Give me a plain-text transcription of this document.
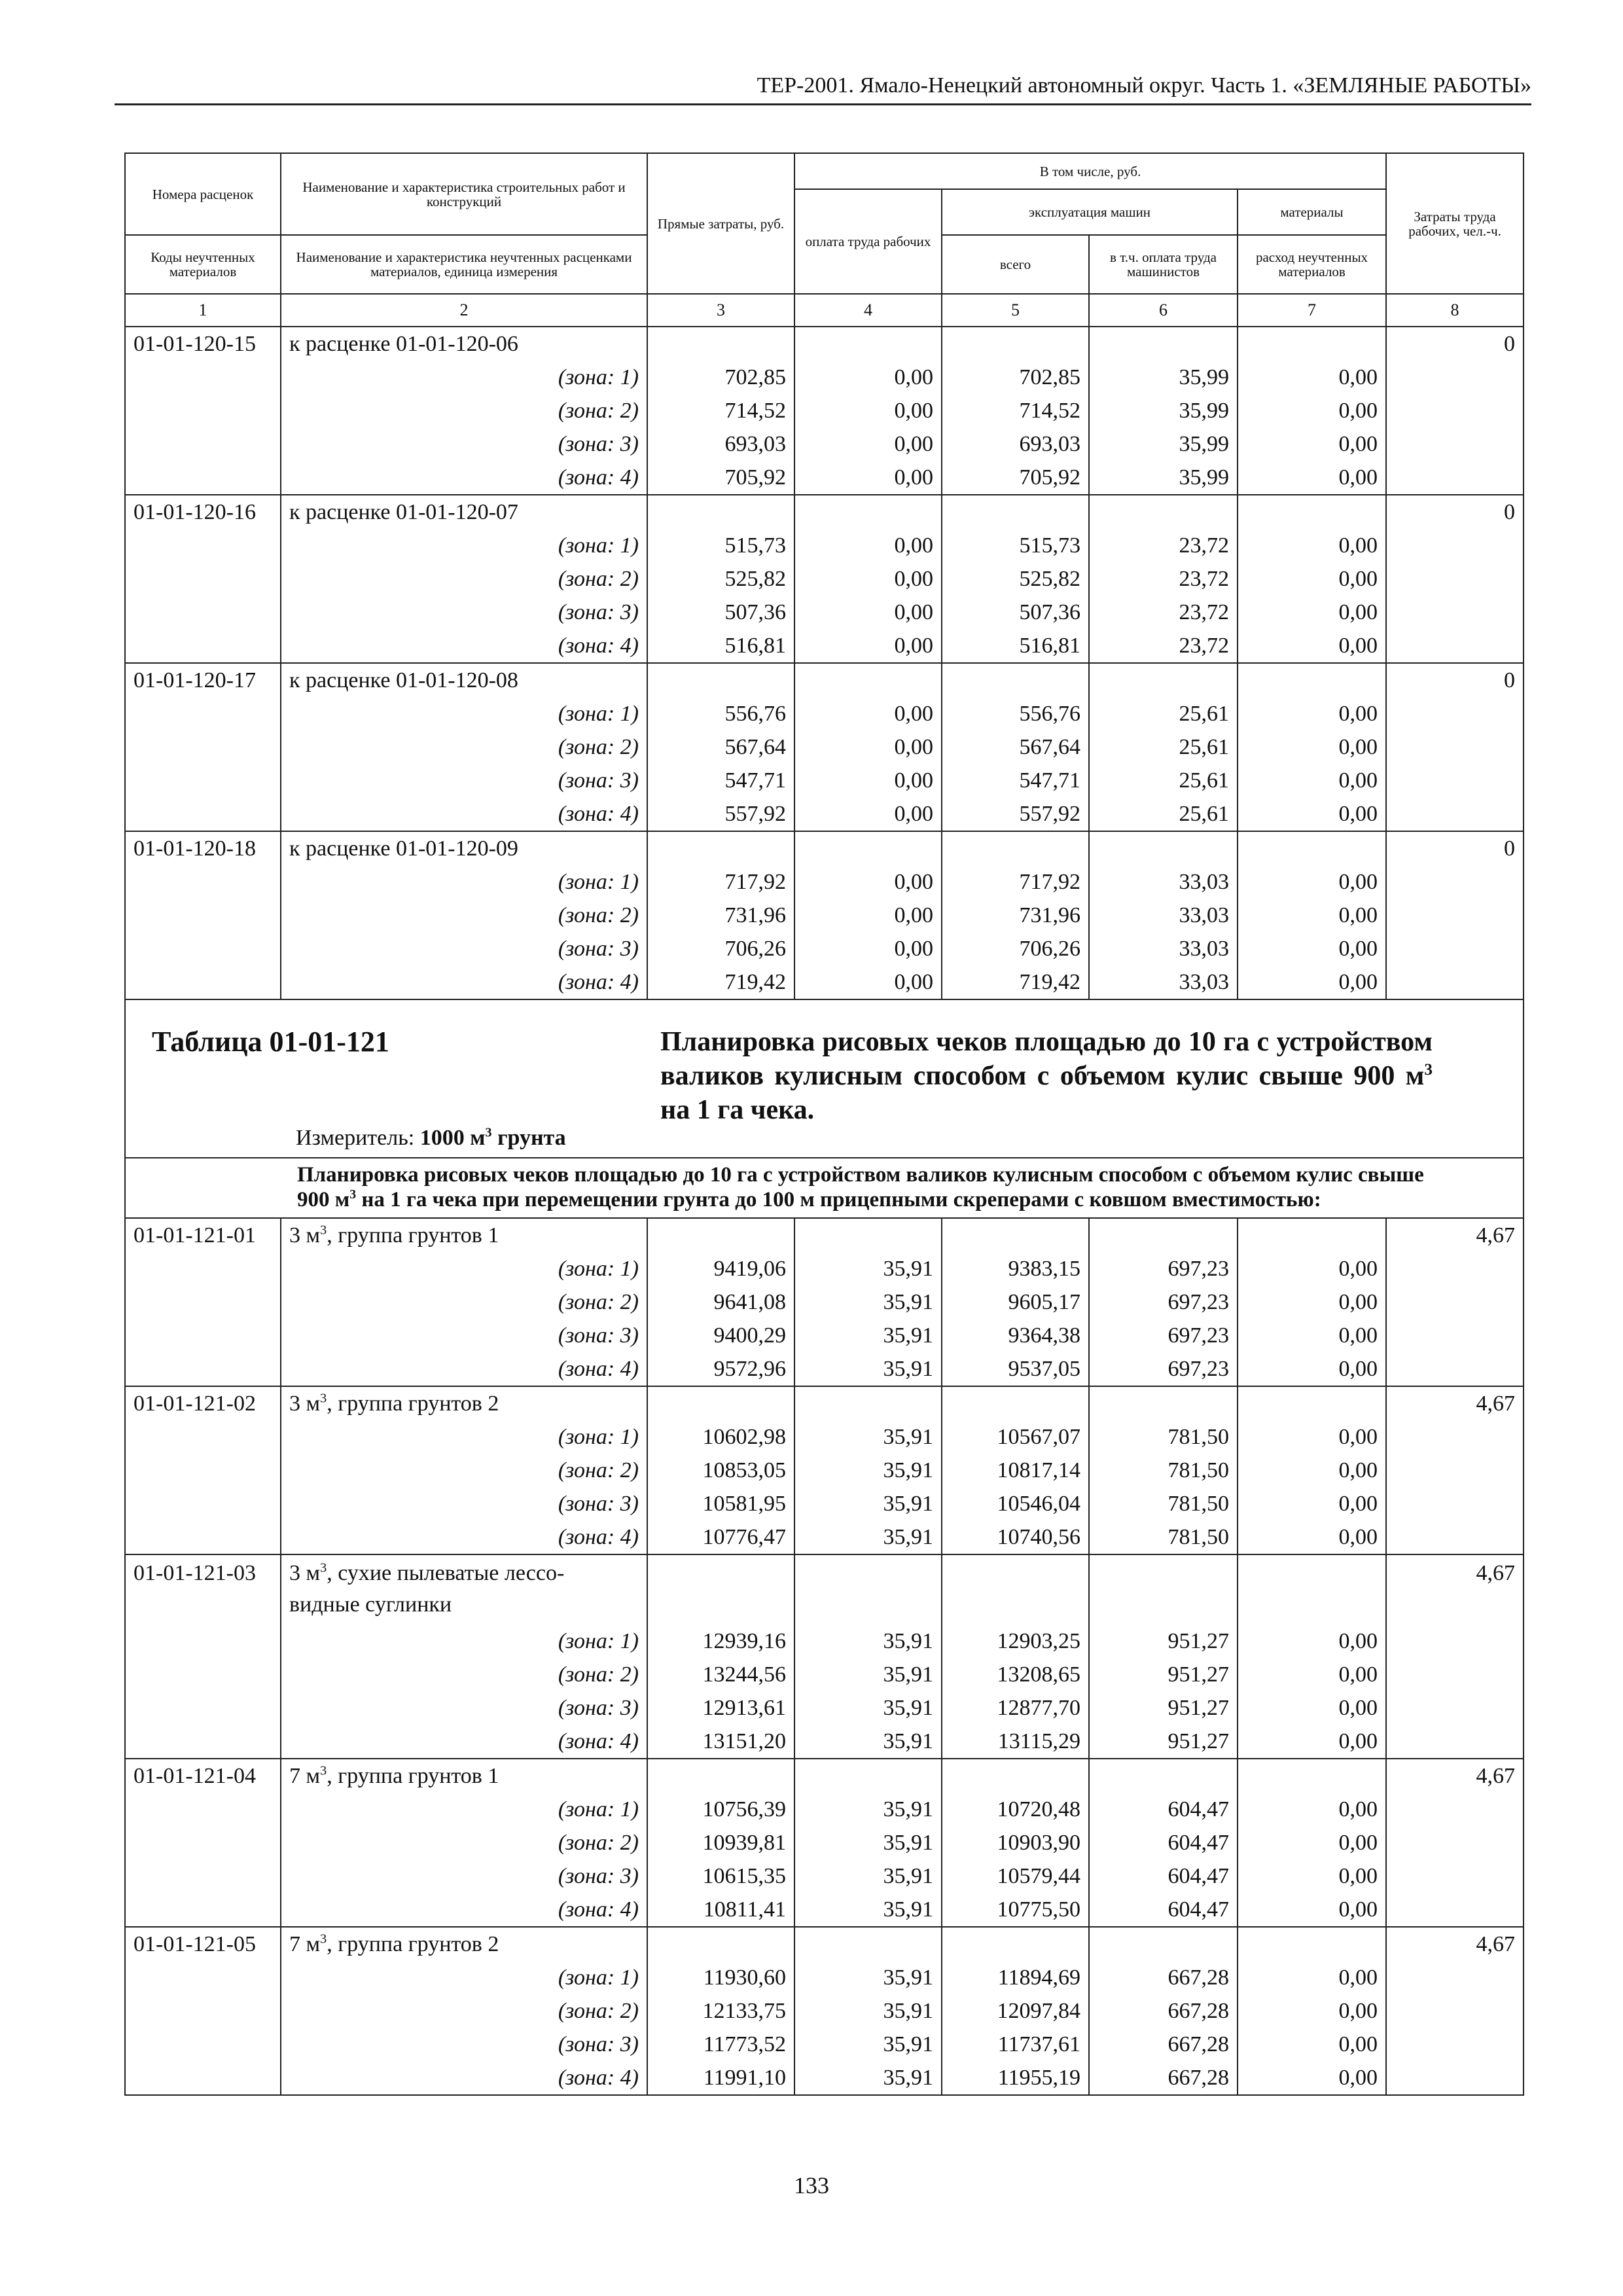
ТЕР-2001. Ямало-Ненецкий автономный округ. Часть 1. «ЗЕМЛЯНЫЕ РАБОТЫ»
Номера расценок	Наименование и характеристика строительных работ и конструкций	Прямые затраты, руб.	В том числе, руб.				Затраты труда рабочих, чел.-ч.
			оплата труда рабочих	эксплуатация машин		материалы	
Коды неучтенных материалов	Наименование и характеристика неучтенных расценками материалов, единица измерения			всего	в т.ч. оплата труда машинистов	расход неучтенных материалов	

1	2	3	4	5	6	7	8
01-01-120-15	к расценке 01-01-120-06						0
	(зона: 1)	702,85	0,00	702,85	35,99	0,00	
	(зона: 2)	714,52	0,00	714,52	35,99	0,00	
	(зона: 3)	693,03	0,00	693,03	35,99	0,00	
	(зона: 4)	705,92	0,00	705,92	35,99	0,00	
01-01-120-16	к расценке 01-01-120-07						0
	(зона: 1)	515,73	0,00	515,73	23,72	0,00	
	(зона: 2)	525,82	0,00	525,82	23,72	0,00	
	(зона: 3)	507,36	0,00	507,36	23,72	0,00	
	(зона: 4)	516,81	0,00	516,81	23,72	0,00	
01-01-120-17	к расценке 01-01-120-08						0
	(зона: 1)	556,76	0,00	556,76	25,61	0,00	
	(зона: 2)	567,64	0,00	567,64	25,61	0,00	
	(зона: 3)	547,71	0,00	547,71	25,61	0,00	
	(зона: 4)	557,92	0,00	557,92	25,61	0,00	
01-01-120-18	к расценке 01-01-120-09						0
	(зона: 1)	717,92	0,00	717,92	33,03	0,00	
	(зона: 2)	731,96	0,00	731,96	33,03	0,00	
	(зона: 3)	706,26	0,00	706,26	33,03	0,00	
	(зона: 4)	719,42	0,00	719,42	33,03	0,00	

Таблица 01-01-121 Планировка рисовых чеков площадью до 10 га с устройством валиков кулисным способом с объемом кулис свыше 900 $м^3$ на 1 га чека.
Измеритель: 1000 $м^3$ грунта							

Планировка рисовых чеков площадью до 10 га с устройством валиков кулисным способом с объемом кулис свыше 900 $м^3$ на 1 га чека при перемещении грунта до 100 м прицепными скреперами с ковшом вместимостью:							

01-01-121-01	3 $м^3$, группа грунтов 1						4,67
	(зона: 1)	9419,06	35,91	9383,15	697,23	0,00	
	(зона: 2)	9641,08	35,91	9605,17	697,23	0,00	
	(зона: 3)	9400,29	35,91	9364,38	697,23	0,00	
	(зона: 4)	9572,96	35,91	9537,05	697,23	0,00	
01-01-121-02	3 $м^3$, группа грунтов 2						4,67
	(зона: 1)	10602,98	35,91	10567,07	781,50	0,00	
	(зона: 2)	10853,05	35,91	10817,14	781,50	0,00	
	(зона: 3)	10581,95	35,91	10546,04	781,50	0,00	
	(зона: 4)	10776,47	35,91	10740,56	781,50	0,00	
01-01-121-03	3 $м^3$, сухие пылеватые лессо-
видные суглинки						4,67
	(зона: 1)	12939,16	35,91	12903,25	951,27	0,00	
	(зона: 2)	13244,56	35,91	13208,65	951,27	0,00	
	(зона: 3)	12913,61	35,91	12877,70	951,27	0,00	
	(зона: 4)	13151,20	35,91	13115,29	951,27	0,00	
01-01-121-04	7 $м^3$, группа грунтов 1						4,67
	(зона: 1)	10756,39	35,91	10720,48	604,47	0,00	
	(зона: 2)	10939,81	35,91	10903,90	604,47	0,00	
	(зона: 3)	10615,35	35,91	10579,44	604,47	0,00	
	(зона: 4)	10811,41	35,91	10775,50	604,47	0,00	
01-01-121-05	7 $м^3$, группа грунтов 2						4,67
	(зона: 1)	11930,60	35,91	11894,69	667,28	0,00	
	(зона: 2)	12133,75	35,91	12097,84	667,28	0,00	
	(зона: 3)	11773,52	35,91	11737,61	667,28	0,00	
	(зона: 4)	11991,10	35,91	11955,19	667,28	0,00	
133
